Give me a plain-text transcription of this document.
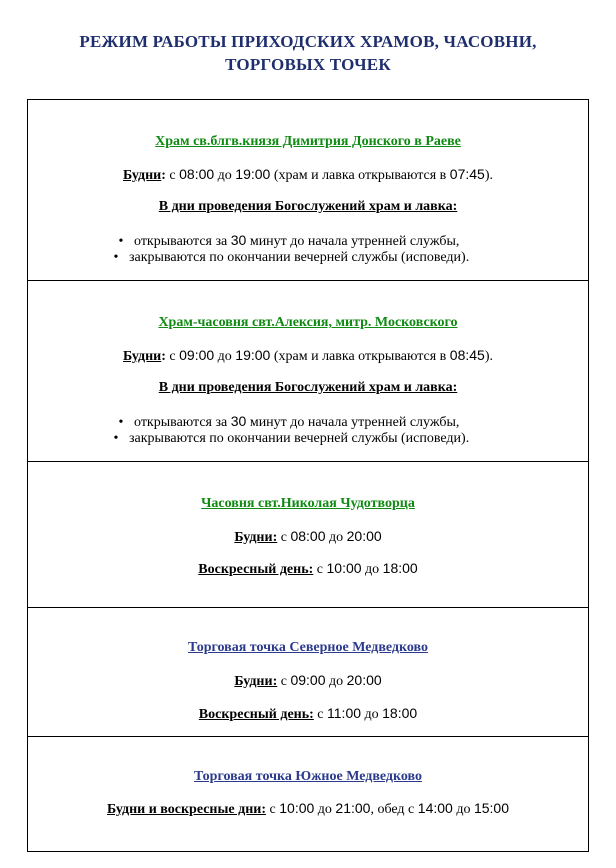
РЕЖИМ РАБОТЫ ПРИХОДСКИХ ХРАМОВ, ЧАСОВНИ,
ТОРГОВЫХ ТОЧЕК
Храм св.блгв.князя Димитрия Донского в Раеве
Будни: с 08:00 до 19:00 (храм и лавка открываются в 07:45).
В дни проведения Богослужений храм и лавка:
• открываются за 30 минут до начала утренней службы,
• закрываются по окончании вечерней службы (исповеди).
Храм-часовня свт.Алексия, митр. Московского
Будни: с 09:00 до 19:00 (храм и лавка открываются в 08:45).
В дни проведения Богослужений храм и лавка:
• открываются за 30 минут до начала утренней службы,
• закрываются по окончании вечерней службы (исповеди).
Часовня свт.Николая Чудотворца
Будни: с 08:00 до 20:00
Воскресный день: с 10:00 до 18:00
Торговая точка Северное Медведково
Будни: с 09:00 до 20:00
Воскресный день: с 11:00 до 18:00
Торговая точка Южное Медведково
Будни и воскресные дни: с 10:00 до 21:00, обед с 14:00 до 15:00
